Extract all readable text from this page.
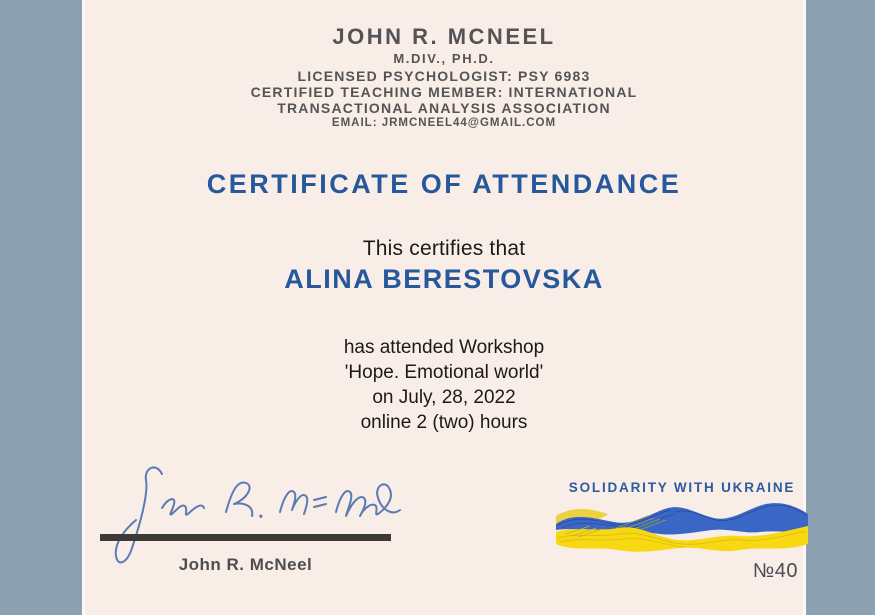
JOHN R. MCNEEL
M.DIV., PH.D.
LICENSED PSYCHOLOGIST: PSY 6983
CERTIFIED TEACHING MEMBER: INTERNATIONAL
TRANSACTIONAL ANALYSIS ASSOCIATION
EMAIL: JRMCNEEL44@GMAIL.COM
CERTIFICATE OF ATTENDANCE
This certifies that
ALINA BERESTOVSKA
has attended Workshop
'Hope. Emotional world'
on July, 28, 2022
online 2 (two) hours
John R. McNeel
SOLIDARITY WITH UKRAINE
№40
